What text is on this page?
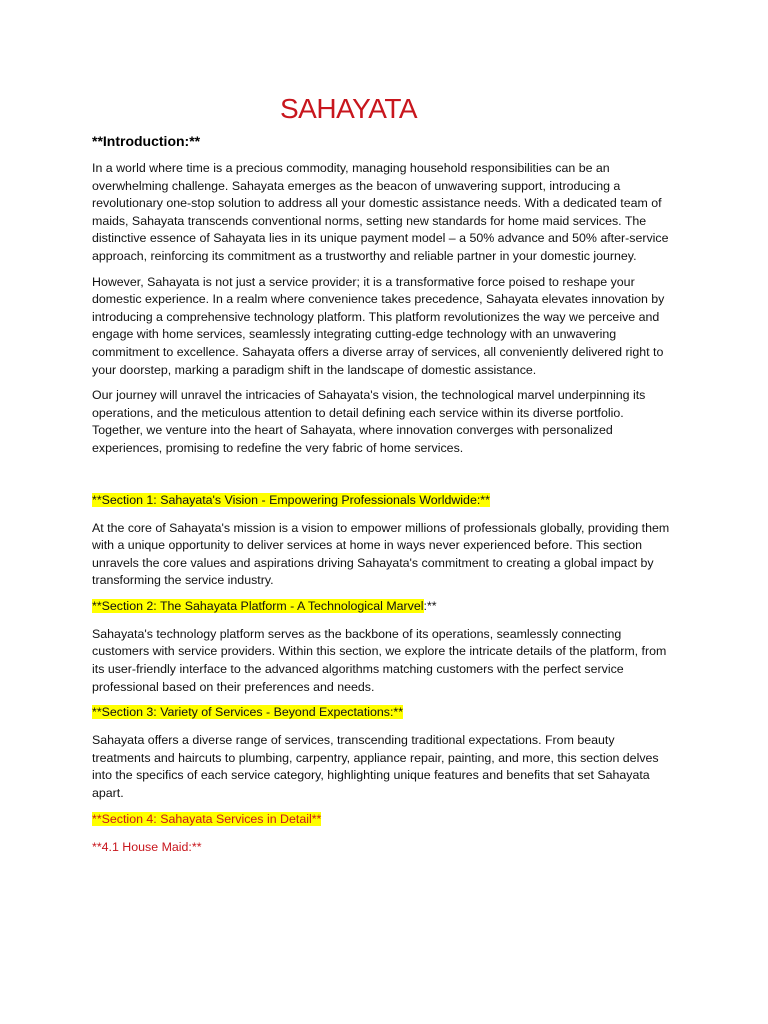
SAHAYATA
**Introduction:**

In a world where time is a precious commodity, managing household responsibilities can be an overwhelming challenge. Sahayata emerges as the beacon of unwavering support, introducing a revolutionary one-stop solution to address all your domestic assistance needs. With a dedicated team of maids, Sahayata transcends conventional norms, setting new standards for home maid services. The distinctive essence of Sahayata lies in its unique payment model – a 50% advance and 50% after-service approach, reinforcing its commitment as a trustworthy and reliable partner in your domestic journey.

However, Sahayata is not just a service provider; it is a transformative force poised to reshape your domestic experience. In a realm where convenience takes precedence, Sahayata elevates innovation by introducing a comprehensive technology platform. This platform revolutionizes the way we perceive and engage with home services, seamlessly integrating cutting-edge technology with an unwavering commitment to excellence. Sahayata offers a diverse array of services, all conveniently delivered right to your doorstep, marking a paradigm shift in the landscape of domestic assistance.

Our journey will unravel the intricacies of Sahayata's vision, the technological marvel underpinning its operations, and the meticulous attention to detail defining each service within its diverse portfolio. Together, we venture into the heart of Sahayata, where innovation converges with personalized experiences, promising to redefine the very fabric of home services.

**Section 1: Sahayata's Vision - Empowering Professionals Worldwide:**

At the core of Sahayata's mission is a vision to empower millions of professionals globally, providing them with a unique opportunity to deliver services at home in ways never experienced before. This section unravels the core values and aspirations driving Sahayata's commitment to creating a global impact by transforming the service industry.

**Section 2: The Sahayata Platform - A Technological Marvel:**

Sahayata's technology platform serves as the backbone of its operations, seamlessly connecting customers with service providers. Within this section, we explore the intricate details of the platform, from its user-friendly interface to the advanced algorithms matching customers with the perfect service professional based on their preferences and needs.

**Section 3: Variety of Services - Beyond Expectations:**

Sahayata offers a diverse range of services, transcending traditional expectations. From beauty treatments and haircuts to plumbing, carpentry, appliance repair, painting, and more, this section delves into the specifics of each service category, highlighting unique features and benefits that set Sahayata apart.

**Section 4: Sahayata Services in Detail**
**4.1 House Maid:**
